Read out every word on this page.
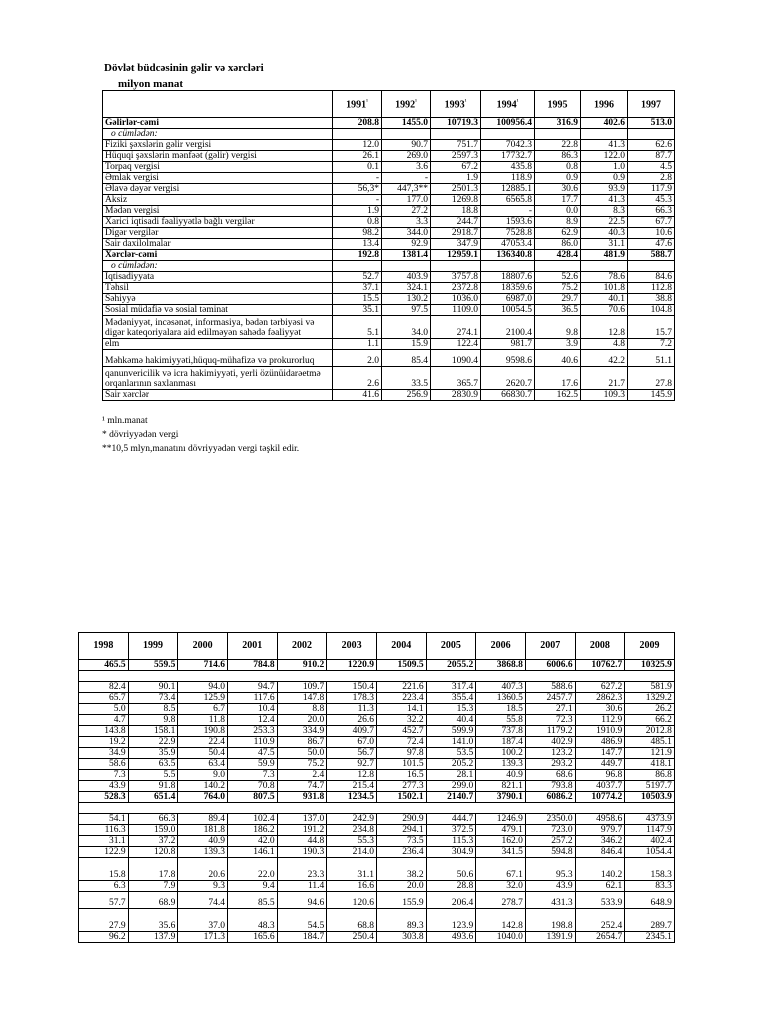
Dövlət büdcəsinin gəlir və xərcləri
milyon manat
	$1991^{^1}$	$1992^{^1}$	$1993^{^1}$	$1994^{^1}$	1995	1996	1997
Gəlirlər-cəmi	208.8	1455.0	10719.3	100956.4	316.9	402.6	513.0
o cümlədən:							
Fiziki şəxslərin gəlir vergisi	12.0	90.7	751.7	7042.3	22.8	41.3	62.6
Hüquqi şəxslərin mənfəət (gəlir) vergisi	26.1	269.0	2597.3	17732.7	86.3	122.0	87.7
Torpaq vergisi	0.1	3.6	67.2	435.8	0.8	1.0	4.5
Əmlak vergisi	-	-	1.9	118.9	0.9	0.9	2.8
Əlavə dəyər vergisi	56,3*	447,3**	2501.3	12885.1	30.6	93.9	117.9
Aksiz	-	177.0	1269.8	6565.8	17.7	41.3	45.3
Mədən vergisi	1.9	27.2	18.8	-	0.0	8.3	66.3
Xarici iqtisadi fəaliyyətlə bağlı vergilər	0.8	3.3	244.7	1593.6	8.9	22.5	67.7
Digər vergilər	98.2	344.0	2918.7	7528.8	62.9	40.3	10.6
Sair daxilolmalar	13.4	92.9	347.9	47053.4	86.0	31.1	47.6
Xərclər-cəmi	192.8	1381.4	12959.1	136340.8	428.4	481.9	588.7
o cümlədən:							
İqtisadiyyata	52.7	403.9	3757.8	18807.6	52.6	78.6	84.6
Təhsil	37.1	324.1	2372.8	18359.6	75.2	101.8	112.8
Səhiyyə	15.5	130.2	1036.0	6987.0	29.7	40.1	38.8
Sosial müdafiə və sosial təminat	35.1	97.5	1109.0	10054.5	36.5	70.6	104.8
Mədəniyyət, incəsənət, informasiya, bədən tərbiyəsi və digər kateqoriyalara aid edilməyən sahədə fəaliyyət	5.1	34.0	274.1	2100.4	9.8	12.8	15.7
elm	1.1	15.9	122.4	981.7	3.9	4.8	7.2
Məhkəmə hakimiyyəti,hüquq-mühafizə və prokurorluq	2.0	85.4	1090.4	9598.6	40.6	42.2	51.1
qanunvericilik və icra hakimiyyəti, yerli özünüidarəetmə orqanlarının saxlanması	2.6	33.5	365.7	2620.7	17.6	21.7	27.8
Sair xərclər	41.6	256.9	2830.9	66830.7	162.5	109.3	145.9
¹ mln.manat
* dövriyyədən vergi
**10,5 mlyn,manatını dövriyyədən vergi təşkil edir.
1998	1999	2000	2001	2002	2003	2004	2005	2006	2007	2008	2009
465.5	559.5	714.6	784.8	910.2	1220.9	1509.5	2055.2	3868.8	6006.6	10762.7	10325.9

82.4	90.1	94.0	94.7	109.7	150.4	221.6	317.4	407.3	588.6	627.2	581.9
65.7	73.4	125.9	117.6	147.8	178.3	223.4	355.4	1360.5	2457.7	2862.3	1329.2
5.0	8.5	6.7	10.4	8.8	11.3	14.1	15.3	18.5	27.1	30.6	26.2
4.7	9.8	11.8	12.4	20.0	26.6	32.2	40.4	55.8	72.3	112.9	66.2
143.8	158.1	190.8	253.3	334.9	409.7	452.7	599.9	737.8	1179.2	1910.9	2012.8
19.2	22.9	22.4	110.9	86.7	67.0	72.4	141.0	187.4	402.9	486.9	485.1
34.9	35.9	50.4	47.5	50.0	56.7	97.8	53.5	100.2	123.2	147.7	121.9
58.6	63.5	63.4	59.9	75.2	92.7	101.5	205.2	139.3	293.2	449.7	418.1
7.3	5.5	9.0	7.3	2.4	12.8	16.5	28.1	40.9	68.6	96.8	86.8
43.9	91.8	140.2	70.8	74.7	215.4	277.3	299.0	821.1	793.8	4037.7	5197.7
528.3	651.4	764.0	807.5	931.8	1234.5	1502.1	2140.7	3790.1	6086.2	10774.2	10503.9

54.1	66.3	89.4	102.4	137.0	242.9	290.9	444.7	1246.9	2350.0	4958.6	4373.9
116.3	159.0	181.8	186.2	191.2	234.8	294.1	372.5	479.1	723.0	979.7	1147.9
31.1	37.2	40.9	42.0	44.8	55.3	73.5	115.3	162.0	257.2	346.2	402.4
122.9	120.8	139.3	146.1	190.3	214.0	236.4	304.9	341.5	594.8	846.4	1054.4
15.8	17.8	20.6	22.0	23.3	31.1	38.2	50.6	67.1	95.3	140.2	158.3
6.3	7.9	9.3	9.4	11.4	16.6	20.0	28.8	32.0	43.9	62.1	83.3
57.7	68.9	74.4	85.5	94.6	120.6	155.9	206.4	278.7	431.3	533.9	648.9
27.9	35.6	37.0	48.3	54.5	68.8	89.3	123.9	142.8	198.8	252.4	289.7
96.2	137.9	171.3	165.6	184.7	250.4	303.8	493.6	1040.0	1391.9	2654.7	2345.1
